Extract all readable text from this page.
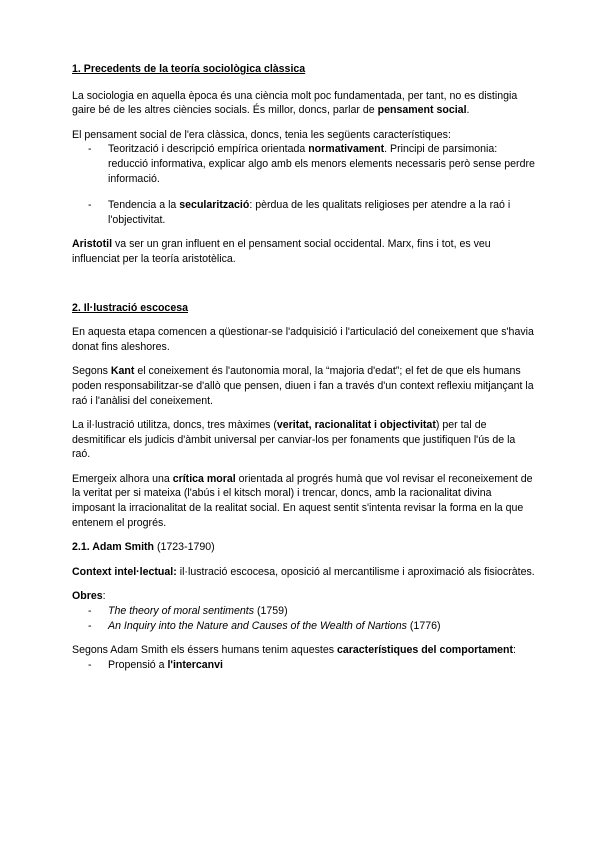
1. Precedents de la teoría sociològica clàssica

La sociologia en aquella època és una ciència molt poc fundamentada, per tant, no es distingia gaire bé de les altres ciències socials. És millor, doncs, parlar de pensament social.

El pensament social de l'era clàssica, doncs, tenia les següents característiques:

- Teorització i descripció empírica orientada normativament. Principi de parsimonia: reducció informativa, explicar algo amb els menors elements necessaris però sense perdre informació.
- Tendencia a la secularització: pèrdua de les qualitats religioses per atendre a la raó i l'objectivitat.

Aristotil va ser un gran influent en el pensament social occidental. Marx, fins i tot, es veu influenciat per la teoría aristotèlica.

2. Il·lustració escocesa

En aquesta etapa comencen a qüestionar-se l'adquisició i l'articulació del coneixement que s'havia donat fins aleshores.

Segons Kant el coneixement és l'autonomia moral, la “majoria d'edat”; el fet de que els humans poden responsabilitzar-se d'allò que pensen, diuen i fan a través d'un context reflexiu mitjançant la raó i l'anàlisi del coneixement.

La il·lustració utilitza, doncs, tres màximes (veritat, racionalitat i objectivitat) per tal de desmitificar els judicis d'àmbit universal per canviar-los per fonaments que justifiquen l'ús de la raó.

Emergeix alhora una crítica moral orientada al progrés humà que vol revisar el reconeixement de la veritat per si mateixa (l'abús i el kitsch moral) i trencar, doncs, amb la racionalitat divina imposant la irracionalitat de la realitat social. En aquest sentit s'intenta revisar la forma en la que entenem el progrés.

2.1. Adam Smith (1723-1790)

Context intel·lectual: il·lustració escocesa, oposició al mercantilisme i aproximació als fisiocràtes.

Obres:

- The theory of moral sentiments (1759)
- An Inquiry into the Nature and Causes of the Wealth of Nartions (1776)

Segons Adam Smith els éssers humans tenim aquestes característiques del comportament:

- Propensió a l'intercanvi
